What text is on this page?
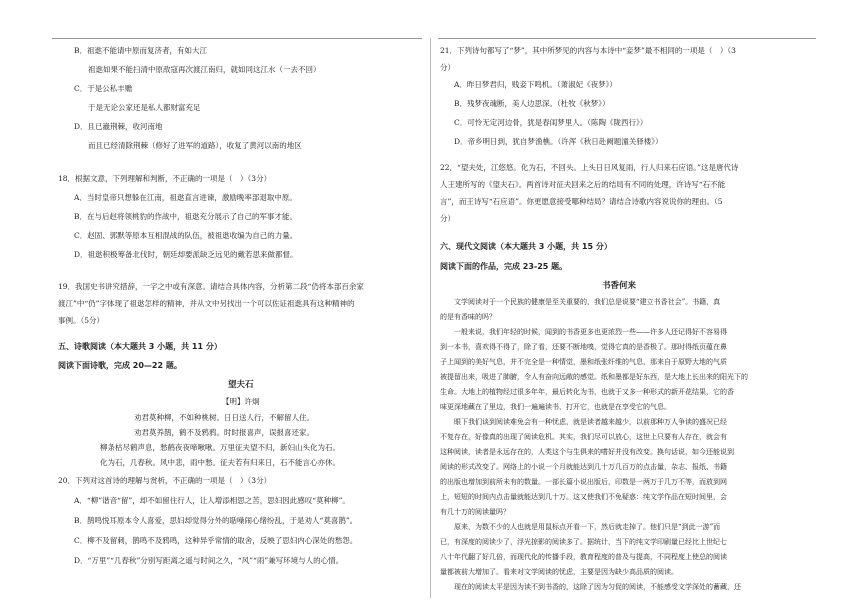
B．祖逖不能请中原而复济者，有如大江
祖逖如果不能扫清中原敌寇再次渡江南归，就如同这江水（一去不回）
C．于是公私丰赡
于是无论公家还是私人都财富充足
D．且已嶻荆棘，收河南地
而且已经清除荆棘（修好了进军的道路），收复了黄河以南的地区
18．根据文意，下列理解和判断，不正确的一项是（　）（3分）
A．当时皇帝只想躲在江南，祖逖直言进谏，激励晚率部退取中原。
B．在与后赵将领桃豹的作战中，祖逖充分展示了自己的军事才能。
C．赵固、郭默等原本互相混战的队伍，被祖逖收编为自己的力量。
D．祖逖积极筹备北伐时，朝廷却要派缺乏远见的戴若思来做都督。
19．我国史书讲究措辞，一字之中或有深意。请结合具体内容，分析第二段“仍将本部百余家
渡江”中“仍”字体现了祖逖怎样的精神，并从文中另找出一个可以佐证祖逖具有这种精神的
事例。（5分）
五、诗歌阅读（本大题共 3 小题，共 11 分）
阅读下面诗歌，完成 20—22 题。
望夫石
【明】许炯
劝君莫种柳，不如种桃树。日日送人行，不解留人住。
劝君莫养鹊，鹤不及鸦鸦。时时报喜声，误报喜还家。
柳条枯尽鹤声息，愁鹤夜夜啼啾啾。万里征夫望不归，新妇山头化为石。
化为石，几春秋。风中悲，雨中愁。征夫若有归来日，石不能言心亦休。
20．下列对这首诗的理解与赏析，不正确的一项是（　）（3分）
A．“柳”谐音“留”，却不如留住行人，让人增添相思之苦，思妇因此感叹“莫种柳”。
B．鹊鸣悦耳原本令人喜爱，思妇却觉得分外的聒噪闹心绪纷乱，于是劝人“莫喜鹊”。
C．柳不及留刺，鹊鸣不及鸦鸣，这种异乎常情的取舍，反映了思妇内心深处的愁怨。
D．“万里”“几春秋”分别写距离之遥与时间之久，“风”“雨”兼写环境与人的心情。
21．下列诗句都写了“梦”，其中所梦见的内容与本诗中“妾梦”最不相同的一项是（　）（3
分）
A．昨日梦君归，贱妾下鸣机。（萧淑妃《夜梦》）
B．残梦夜魂断，美人边思深。（杜牧《秋梦》）
C．可怜无定河边骨，犹是春闺梦里人。（陈陶《陇西行》）
D．帝乡明日到，犹自梦渔樵。（许浑《秋日赴阙题潼关驿楼》）
22．“望夫处，江悠悠。化为石，不回头。上头日日风复雨，行人归来石应语。”这是唐代诗
人王建所写的《望夫石》。两首诗对征夫回来之后的结局有不同的处理，许诗写“石不能
言”，而王诗写“石应语”。你更愿意接受哪种结局？请结合诗歌内容说说你的理由。（5
分）
六、现代文阅读（本大题共 3 小题，共 15 分）
阅读下面的作品，完成 23-25 题。
书香何来
　　文学阅读对于一个民族的健康是至关重要的，我们总是说要“建立书香社会”。书籍，真
的是有香味的吗？
　　一般来说，我们年轻的时候，闻到的书香更多也更浓烈一些——许多人还记得好不容易得
到一本书，喜欢得不得了，除了看，还要不断地嗅，觉得它真的是香极了。那时得纸页蕴在鼻
子上闻到的美好气息，并不完全是一种情觉，墨和纸张纤维的气息，那来自于原野大地的气质
被提留出来，吸进了肺腑，令人有奋向远敞的感觉。纸和墨都是好东西，是大地上长出来的阳光下的
生命。大地上的植物经过很多年年，最后转化为书，也就于又多一种形式的新开花结果，它的香
味更深地藏在了里边，我们一遍遍读书，打开它，也就是在享受它的气息。
　　眼下我们谈到阅读难免会有一种忧虑，就是读者越来越少，以前那种万人争读的盛况已经
不复存在，好像真的出现了阅读危机。其实，我们尽可以放心，这世上只要有人存在，就会有
这种阅读，读者是永远存在的，人类这个与生俱来的嗜好并没有改变。换句话说，如今还能说到
阅读的形式改变了。网络上的小说一个月就能达到几十万几百万的点击量，杂志、报纸、书籍
的出版也增加到前所未有的数量。一部长篇小说出版后，印数是一两万于几万不等，而放到网
上，短短的时间内点击量就能达到几十万。这又使我们不免疑惑：纯文学作品在短时间里，会
有几十万的阅读量吗？
　　原来，为数不少的人也就是用鼠标点开看一下，然后就走掉了。他们只是“到此一游”而
已，有深度的阅读少了，浮光掠影的阅读多了。据统计，当下的纯文学印刷量已经比上世纪七
八十年代翻了好几倍，而现代化的传播手段，教育程度的普及与提高，不同程度上使总的阅读
量都被前大增加了。看来对文学阅读的忧虑，主要是因为缺少高品质的阅读。
　　现在的阅读太平是因为读不到书香的，这除了因为匀促的阅读，不能感受文学深处的蓄藏，还
